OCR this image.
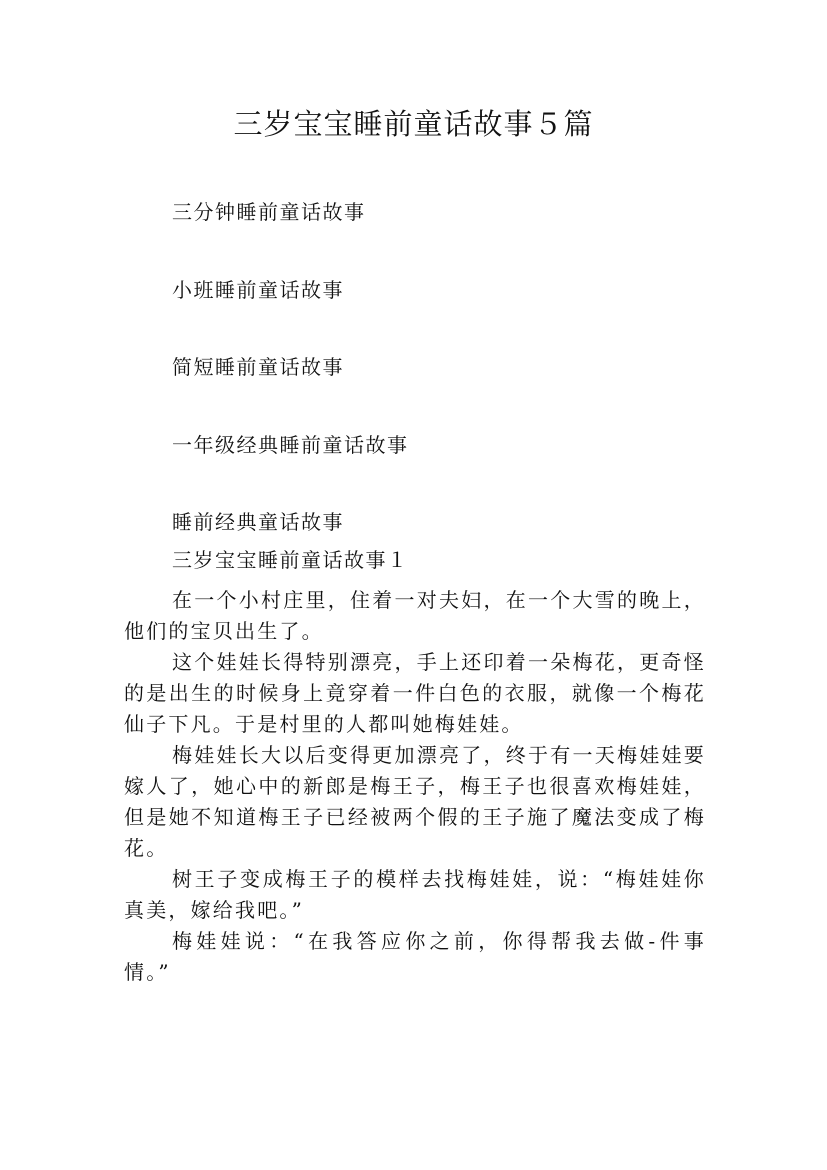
三岁宝宝睡前童话故事５篇

三分钟睡前童话故事

小班睡前童话故事

简短睡前童话故事

一年级经典睡前童话故事

睡前经典童话故事

三岁宝宝睡前童话故事１

在一个小村庄里，住着一对夫妇，在一个大雪的晚上，他们的宝贝出生了。

这个娃娃长得特别漂亮，手上还印着一朵梅花，更奇怪的是出生的时候身上竟穿着一件白色的衣服，就像一个梅花仙子下凡。于是村里的人都叫她梅娃娃。

梅娃娃长大以后变得更加漂亮了，终于有一天梅娃娃要嫁人了，她心中的新郎是梅王子，梅王子也很喜欢梅娃娃，但是她不知道梅王子已经被两个假的王子施了魔法变成了梅花。

树王子变成梅王子的模样去找梅娃娃，说：“梅娃娃你真美，嫁给我吧。”

梅娃娃说：“在我答应你之前，你得帮我去做-件事情。”
